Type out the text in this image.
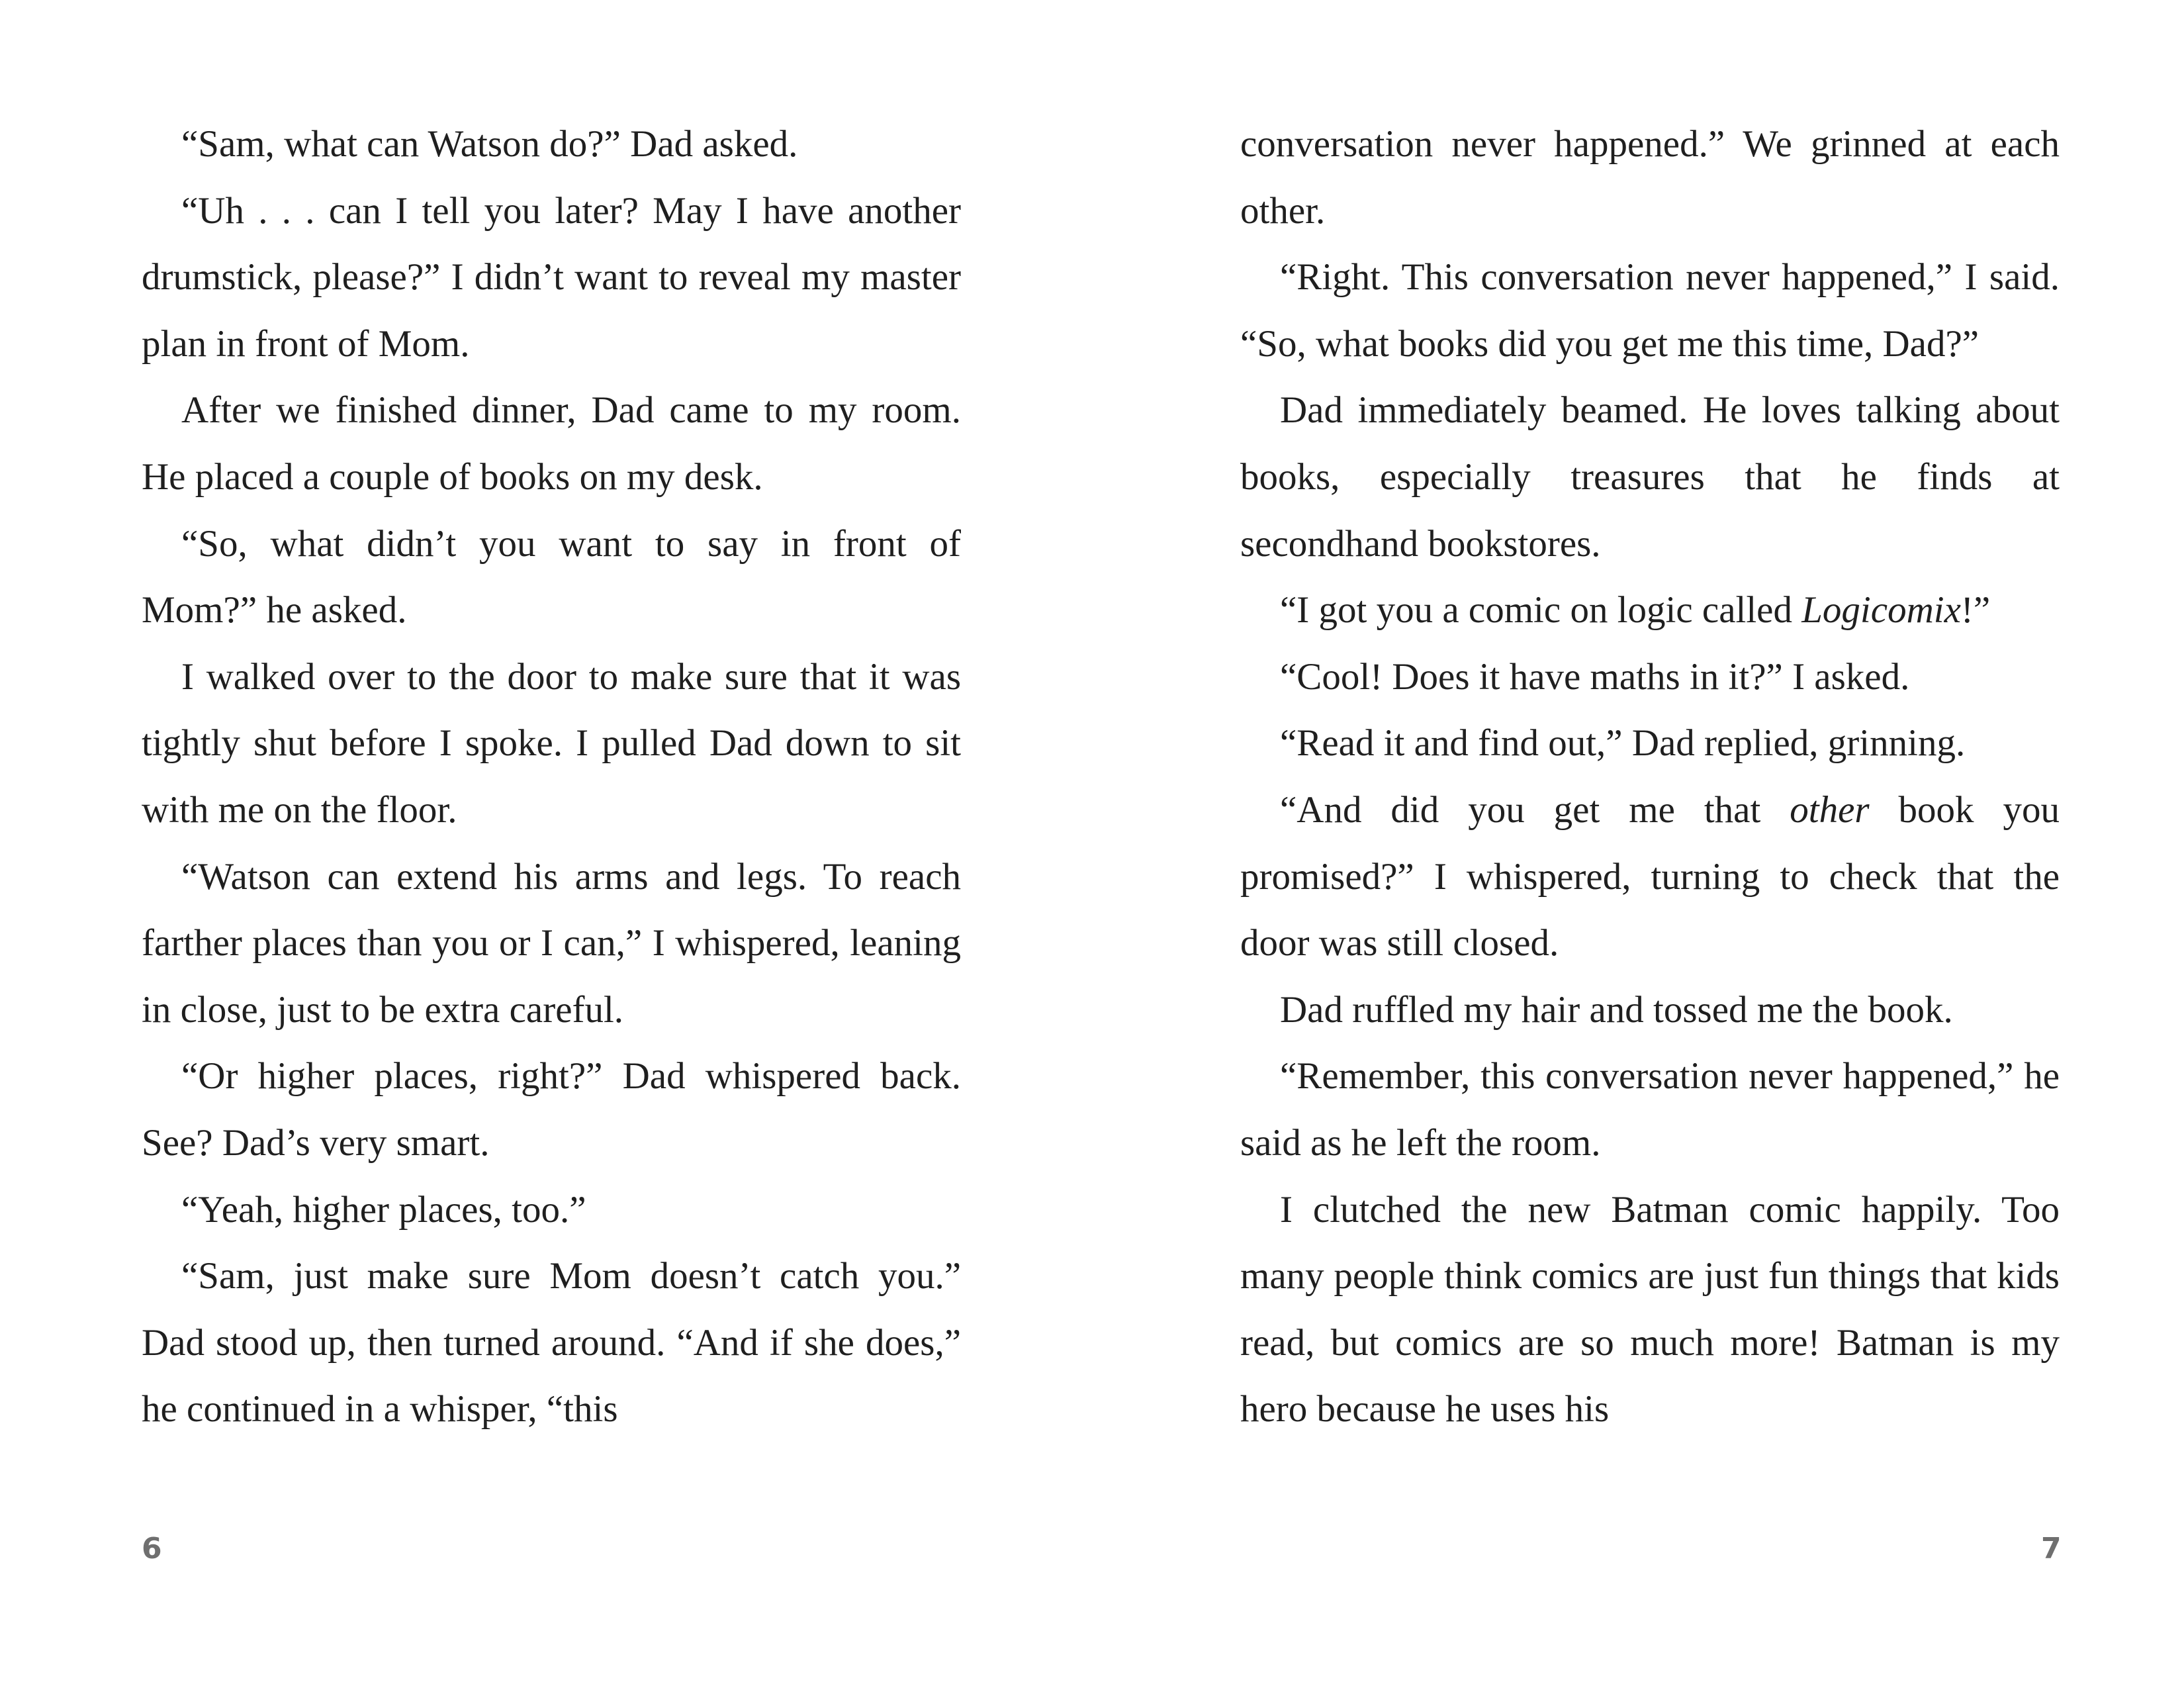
“Sam, what can Watson do?” Dad asked.

“Uh . . . can I tell you later? May I have another drumstick, please?” I didn’t want to reveal my master plan in front of Mom.

After we finished dinner, Dad came to my room. He placed a couple of books on my desk.

“So, what didn’t you want to say in front of Mom?” he asked.

I walked over to the door to make sure that it was tightly shut before I spoke. I pulled Dad down to sit with me on the floor.

“Watson can extend his arms and legs. To reach farther places than you or I can,” I whispered, leaning in close, just to be extra careful.

“Or higher places, right?” Dad whispered back. See? Dad’s very smart.

“Yeah, higher places, too.”

“Sam, just make sure Mom doesn’t catch you.” Dad stood up, then turned around. “And if she does,” he continued in a whisper, “this

conversation never happened.” We grinned at each other.

“Right. This conversation never happened,” I said. “So, what books did you get me this time, Dad?”

Dad immediately beamed. He loves talking about books, especially treasures that he finds at secondhand bookstores.

“I got you a comic on logic called Logicomix!”

“Cool! Does it have maths in it?” I asked.

“Read it and find out,” Dad replied, grinning.

“And did you get me that other book you promised?” I whispered, turning to check that the door was still closed.

Dad ruffled my hair and tossed me the book.

“Remember, this conversation never happened,” he said as he left the room.

I clutched the new Batman comic happily. Too many people think comics are just fun things that kids read, but comics are so much more! Batman is my hero because he uses his

6	7
